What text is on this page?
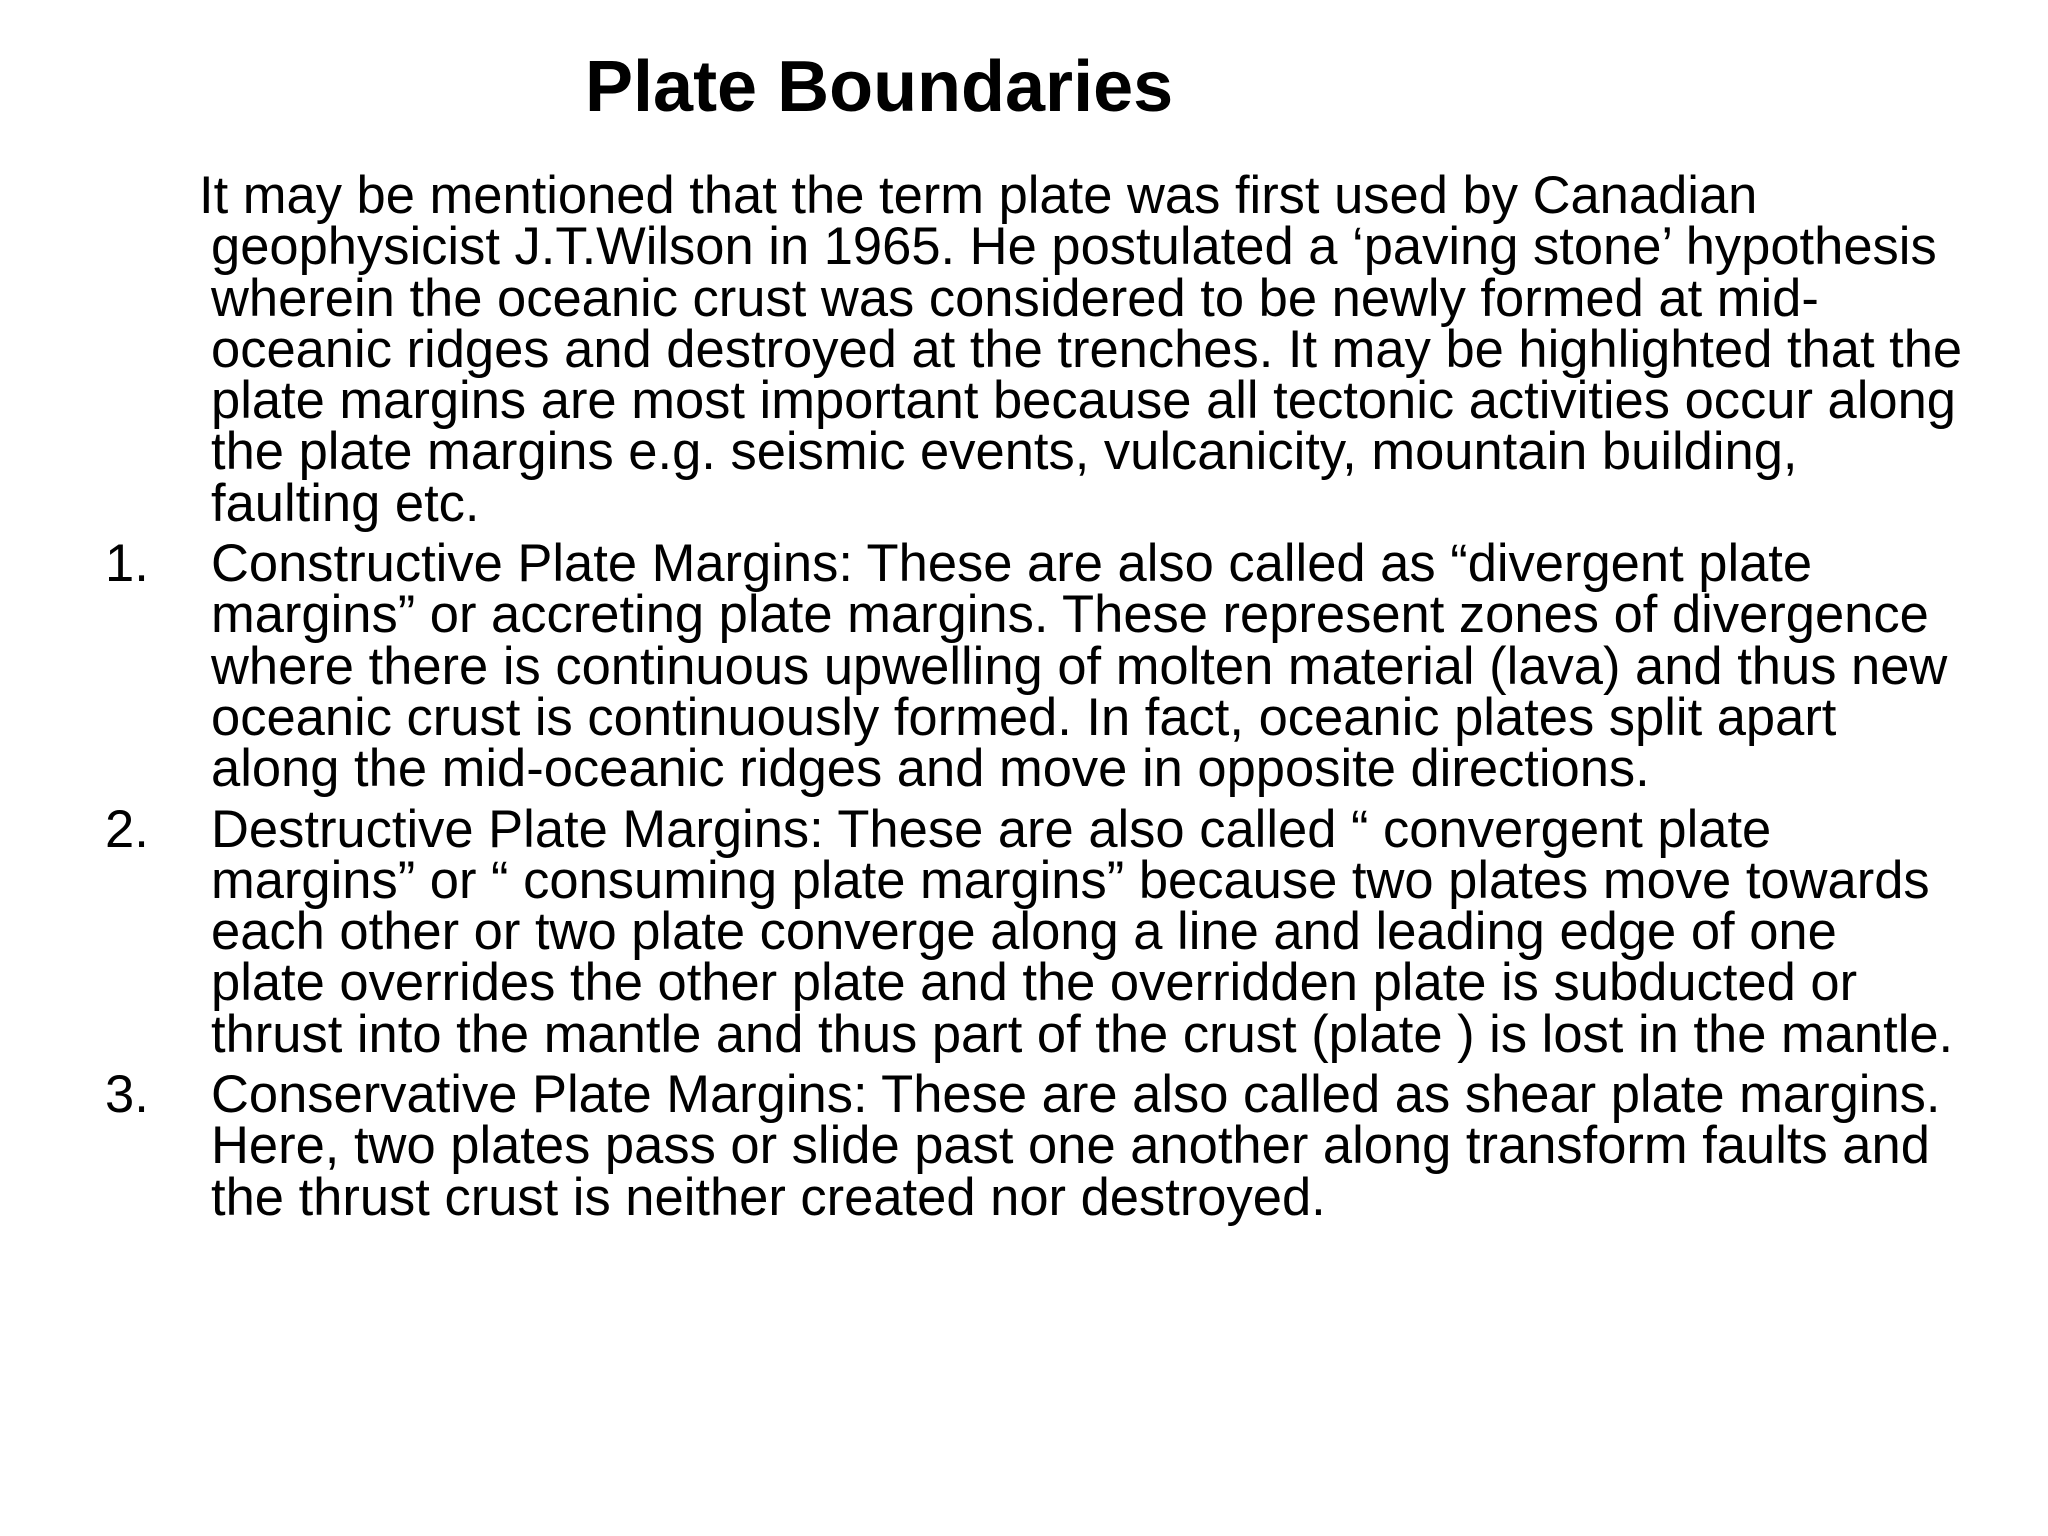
Plate Boundaries

It may be mentioned that the term plate was first used by Canadian geophysicist J.T.Wilson in 1965. He postulated a ‘paving stone’ hypothesis wherein the oceanic crust was considered to be newly formed at mid-oceanic ridges and destroyed at the trenches. It may be highlighted that the plate margins are most important because all tectonic activities occur along the plate margins e.g. seismic events, vulcanicity, mountain building, faulting etc.

1.	Constructive Plate Margins: These are also called as “divergent plate margins” or accreting plate margins. These represent zones of divergence where there is continuous upwelling of molten material (lava) and thus new oceanic crust is continuously formed. In fact, oceanic plates split apart along the mid-oceanic ridges and move in opposite directions.
2.	Destructive Plate Margins: These are also called “ convergent plate margins” or “ consuming plate margins” because two plates move towards each other or two plate converge along a line and leading edge of one plate overrides the other plate and the overridden plate is subducted or thrust into the mantle and thus part of the crust (plate ) is lost in the mantle.
3.	Conservative Plate Margins: These are also called as shear plate margins. Here, two plates pass or slide past one another along transform faults and the thrust crust is neither created nor destroyed.
